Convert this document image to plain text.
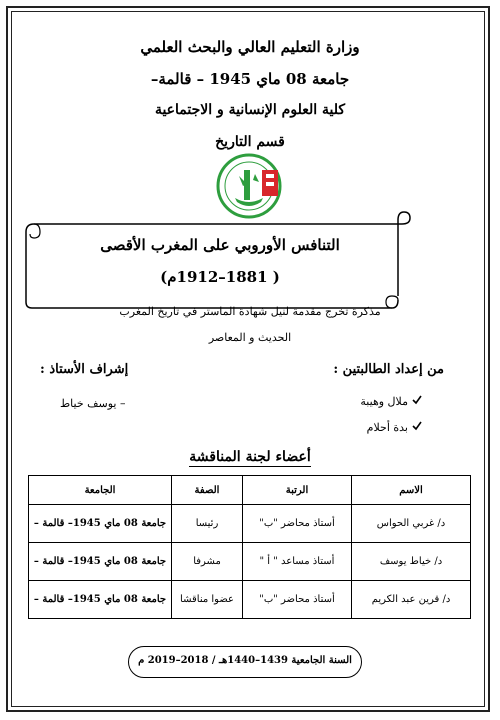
وزارة التعليم العالي والبحث العلمي
جامعة 08 ماي 1945 – قالمة–
كلية العلوم الإنسانية و الاجتماعية
قسم التاريخ
التنافس الأوروبي على المغرب الأقصى
( 1881–1912م)
مذكرة تخرج مقدمة لنيل شهادة الماستر في تاريخ المغرب
الحديث و المعاصر
من إعداد الطالبتين :
ملال وهيبة
بدة أحلام
إشراف الأستاذ :
– يوسف خياط
أعضاء لجنة المناقشة
الاسم	الرتبة	الصفة	الجامعة
د/ غربي الحواس	أستاذ محاضر "ب"	رئيسا	جامعة 08 ماي 1945– قالمة –
د/ خياط يوسف	أستاذ مساعد " أ "	مشرفا	جامعة 08 ماي 1945– قالمة –
د/ قرين عبد الكريم	أستاذ محاضر "ب"	عضوا مناقشا	جامعة 08 ماي 1945– قالمة –
السنة الجامعية 1439–1440هـ / 2018–2019 م
